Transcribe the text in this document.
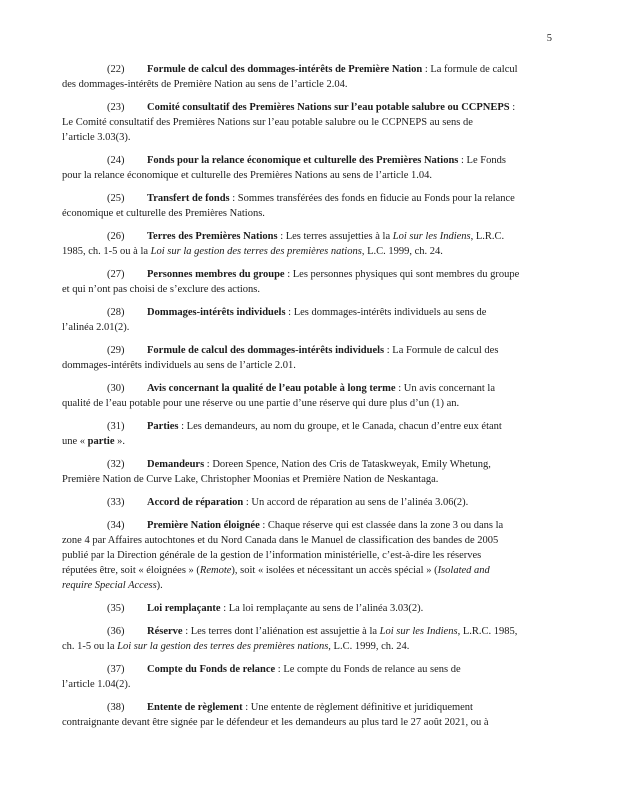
5

(22) Formule de calcul des dommages-intérêts de Première Nation : La formule de calcul
des dommages-intérêts de Première Nation au sens de l’article 2.04.

(23) Comité consultatif des Premières Nations sur l’eau potable salubre ou CCPNEPS :
Le Comité consultatif des Premières Nations sur l’eau potable salubre ou le CCPNEPS au sens de
l’article 3.03(3).

(24) Fonds pour la relance économique et culturelle des Premières Nations : Le Fonds
pour la relance économique et culturelle des Premières Nations au sens de l’article 1.04.

(25) Transfert de fonds : Sommes transférées des fonds en fiducie au Fonds pour la relance
économique et culturelle des Premières Nations.

(26) Terres des Premières Nations : Les terres assujetties à la Loi sur les Indiens, L.R.C.
1985, ch. 1-5 ou à la Loi sur la gestion des terres des premières nations, L.C. 1999, ch. 24.

(27) Personnes membres du groupe : Les personnes physiques qui sont membres du groupe
et qui n’ont pas choisi de s’exclure des actions.

(28) Dommages-intérêts individuels : Les dommages-intérêts individuels au sens de
l’alinéa 2.01(2).

(29) Formule de calcul des dommages-intérêts individuels : La Formule de calcul des
dommages-intérêts individuels au sens de l’article 2.01.

(30) Avis concernant la qualité de l’eau potable à long terme : Un avis concernant la
qualité de l’eau potable pour une réserve ou une partie d’une réserve qui dure plus d’un (1) an.

(31) Parties : Les demandeurs, au nom du groupe, et le Canada, chacun d’entre eux étant
une « partie ».

(32) Demandeurs : Doreen Spence, Nation des Cris de Tataskweyak, Emily Whetung,
Première Nation de Curve Lake, Christopher Moonias et Première Nation de Neskantaga.

(33) Accord de réparation : Un accord de réparation au sens de l’alinéa 3.06(2).

(34) Première Nation éloignée : Chaque réserve qui est classée dans la zone 3 ou dans la
zone 4 par Affaires autochtones et du Nord Canada dans le Manuel de classification des bandes de 2005
publié par la Direction générale de la gestion de l’information ministérielle, c’est-à-dire les réserves
réputées être, soit « éloignées » (Remote), soit « isolées et nécessitant un accès spécial » (Isolated and
require Special Access).

(35) Loi remplaçante : La loi remplaçante au sens de l’alinéa 3.03(2).

(36) Réserve : Les terres dont l’aliénation est assujettie à la Loi sur les Indiens, L.R.C. 1985,
ch. 1-5 ou la Loi sur la gestion des terres des premières nations, L.C. 1999, ch. 24.

(37) Compte du Fonds de relance : Le compte du Fonds de relance au sens de
l’article 1.04(2).

(38) Entente de règlement : Une entente de règlement définitive et juridiquement
contraignante devant être signée par le défendeur et les demandeurs au plus tard le 27 août 2021, ou à
